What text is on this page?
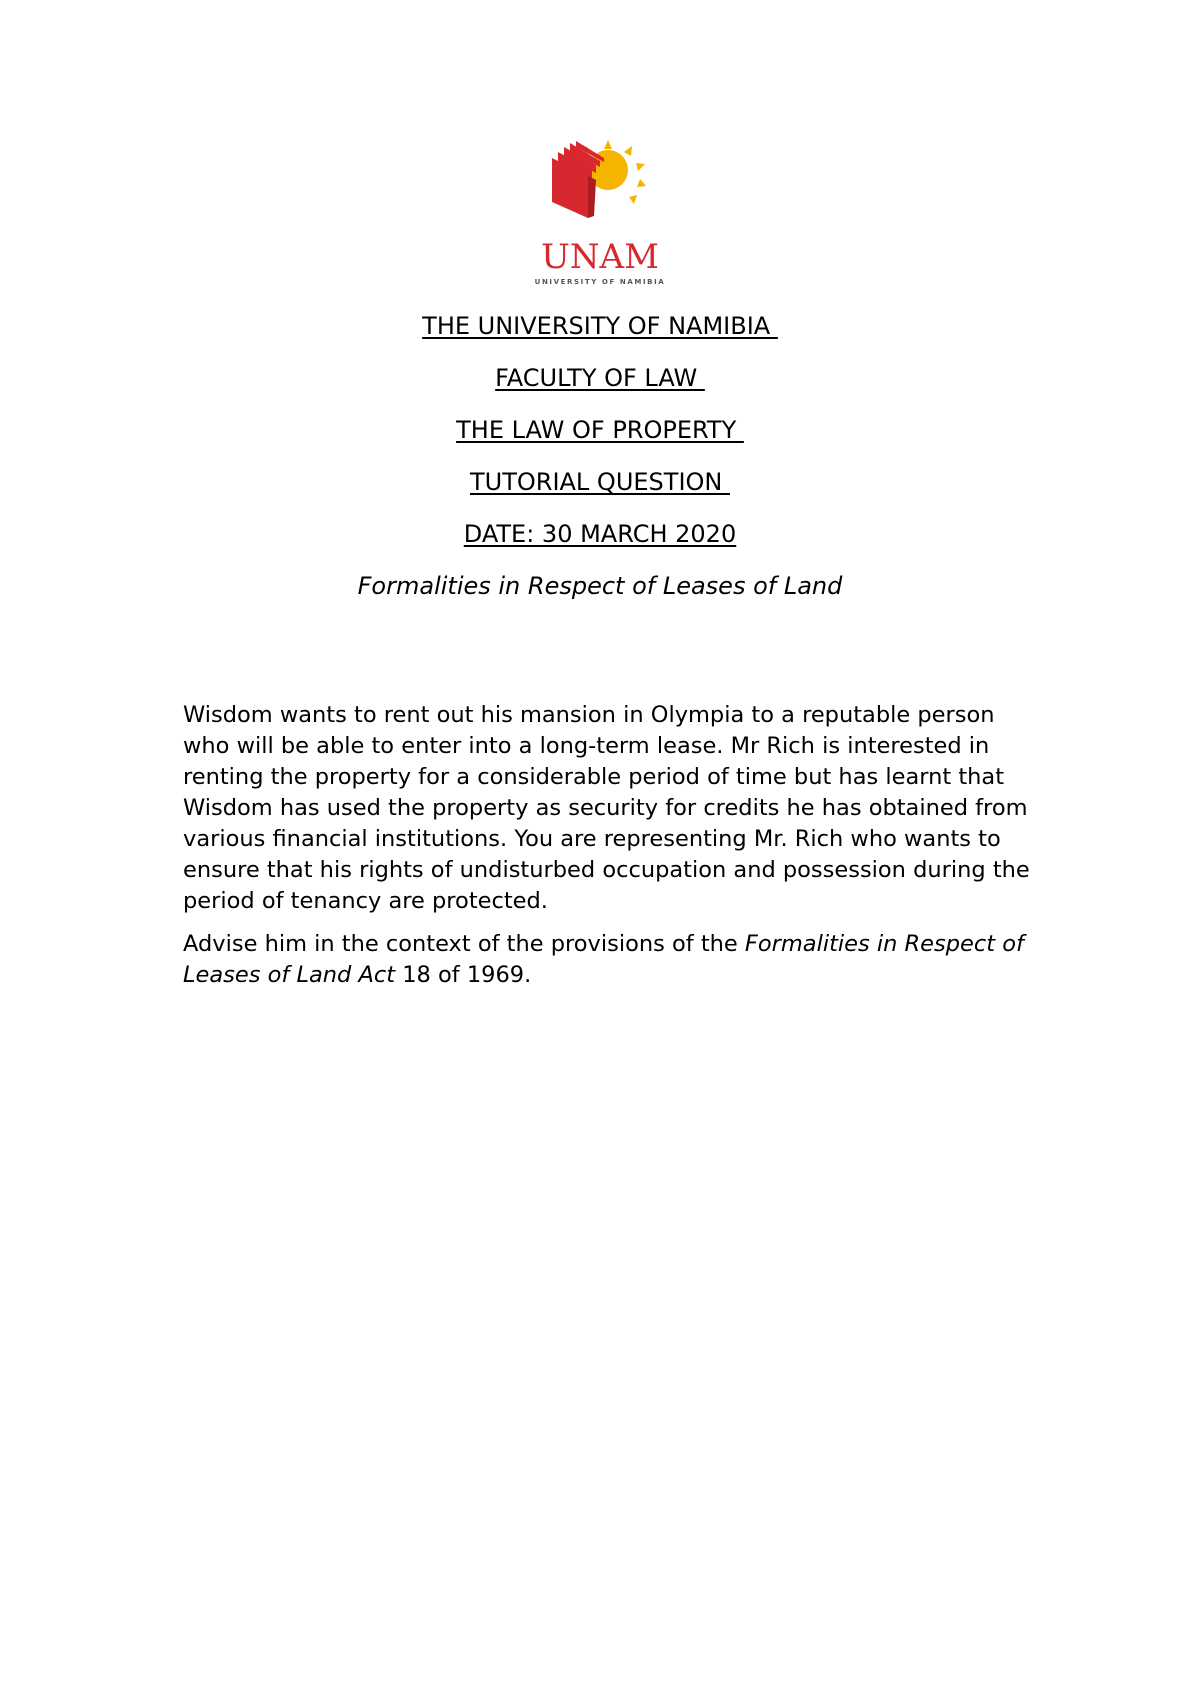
UNAM
UNIVERSITY OF NAMIBIA
THE UNIVERSITY OF NAMIBIA
FACULTY OF LAW
THE LAW OF PROPERTY
TUTORIAL QUESTION
DATE: 30 MARCH 2020
Formalities in Respect of Leases of Land

Wisdom wants to rent out his mansion in Olympia to a reputable person who will be able to enter into a long-term lease. Mr Rich is interested in renting the property for a considerable period of time but has learnt that Wisdom has used the property as security for credits he has obtained from various financial institutions. You are representing Mr. Rich who wants to ensure that his rights of undisturbed occupation and possession during the period of tenancy are protected.

Advise him in the context of the provisions of the Formalities in Respect of Leases of Land Act 18 of 1969.
